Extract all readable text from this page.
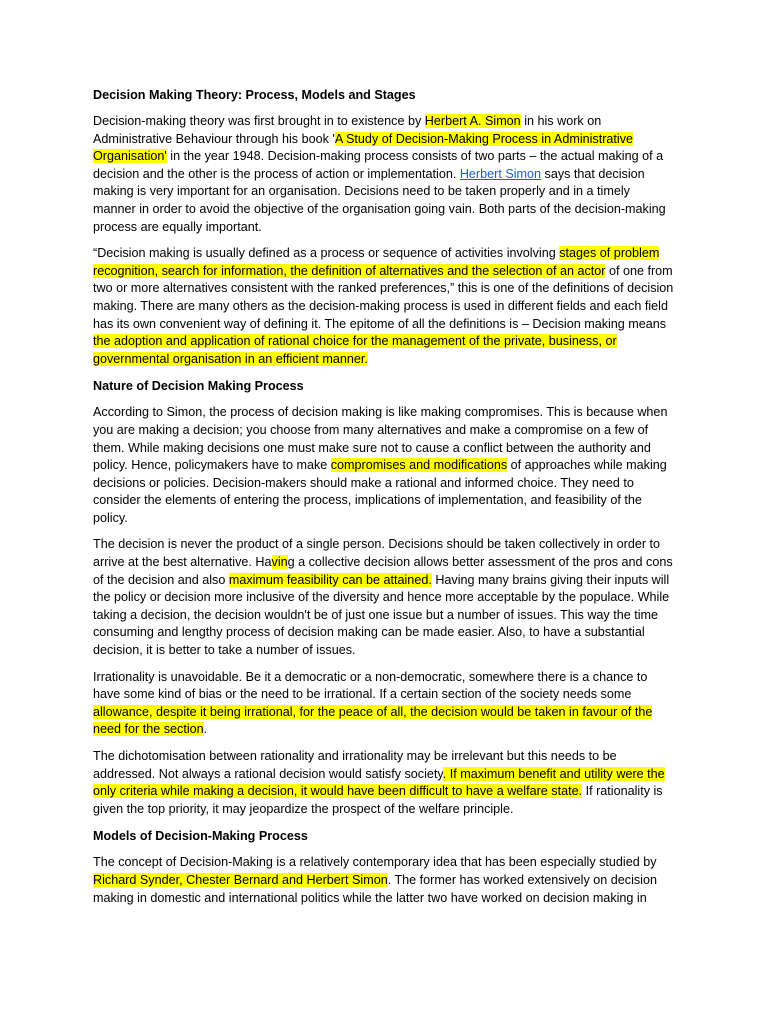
Decision Making Theory: Process, Models and Stages

Decision-making theory was first brought in to existence by Herbert A. Simon in his work on Administrative Behaviour through his book 'A Study of Decision-Making Process in Administrative Organisation' in the year 1948. Decision-making process consists of two parts – the actual making of a decision and the other is the process of action or implementation. Herbert Simon says that decision making is very important for an organisation. Decisions need to be taken properly and in a timely manner in order to avoid the objective of the organisation going vain. Both parts of the decision-making process are equally important.

“Decision making is usually defined as a process or sequence of activities involving stages of problem recognition, search for information, the definition of alternatives and the selection of an actor of one from two or more alternatives consistent with the ranked preferences,” this is one of the definitions of decision making. There are many others as the decision-making process is used in different fields and each field has its own convenient way of defining it. The epitome of all the definitions is – Decision making means the adoption and application of rational choice for the management of the private, business, or governmental organisation in an efficient manner.

Nature of Decision Making Process

According to Simon, the process of decision making is like making compromises. This is because when you are making a decision; you choose from many alternatives and make a compromise on a few of them. While making decisions one must make sure not to cause a conflict between the authority and policy. Hence, policymakers have to make compromises and modifications of approaches while making decisions or policies. Decision-makers should make a rational and informed choice. They need to consider the elements of entering the process, implications of implementation, and feasibility of the policy.

The decision is never the product of a single person. Decisions should be taken collectively in order to arrive at the best alternative. Having a collective decision allows better assessment of the pros and cons of the decision and also maximum feasibility can be attained. Having many brains giving their inputs will the policy or decision more inclusive of the diversity and hence more acceptable by the populace. While taking a decision, the decision wouldn't be of just one issue but a number of issues. This way the time consuming and lengthy process of decision making can be made easier. Also, to have a substantial decision, it is better to take a number of issues.

Irrationality is unavoidable. Be it a democratic or a non-democratic, somewhere there is a chance to have some kind of bias or the need to be irrational. If a certain section of the society needs some allowance, despite it being irrational, for the peace of all, the decision would be taken in favour of the need for the section.

The dichotomisation between rationality and irrationality may be irrelevant but this needs to be addressed. Not always a rational decision would satisfy society. If maximum benefit and utility were the only criteria while making a decision, it would have been difficult to have a welfare state. If rationality is given the top priority, it may jeopardize the prospect of the welfare principle.

Models of Decision-Making Process

The concept of Decision-Making is a relatively contemporary idea that has been especially studied by Richard Synder, Chester Bernard and Herbert Simon. The former has worked extensively on decision making in domestic and international politics while the latter two have worked on decision making in
